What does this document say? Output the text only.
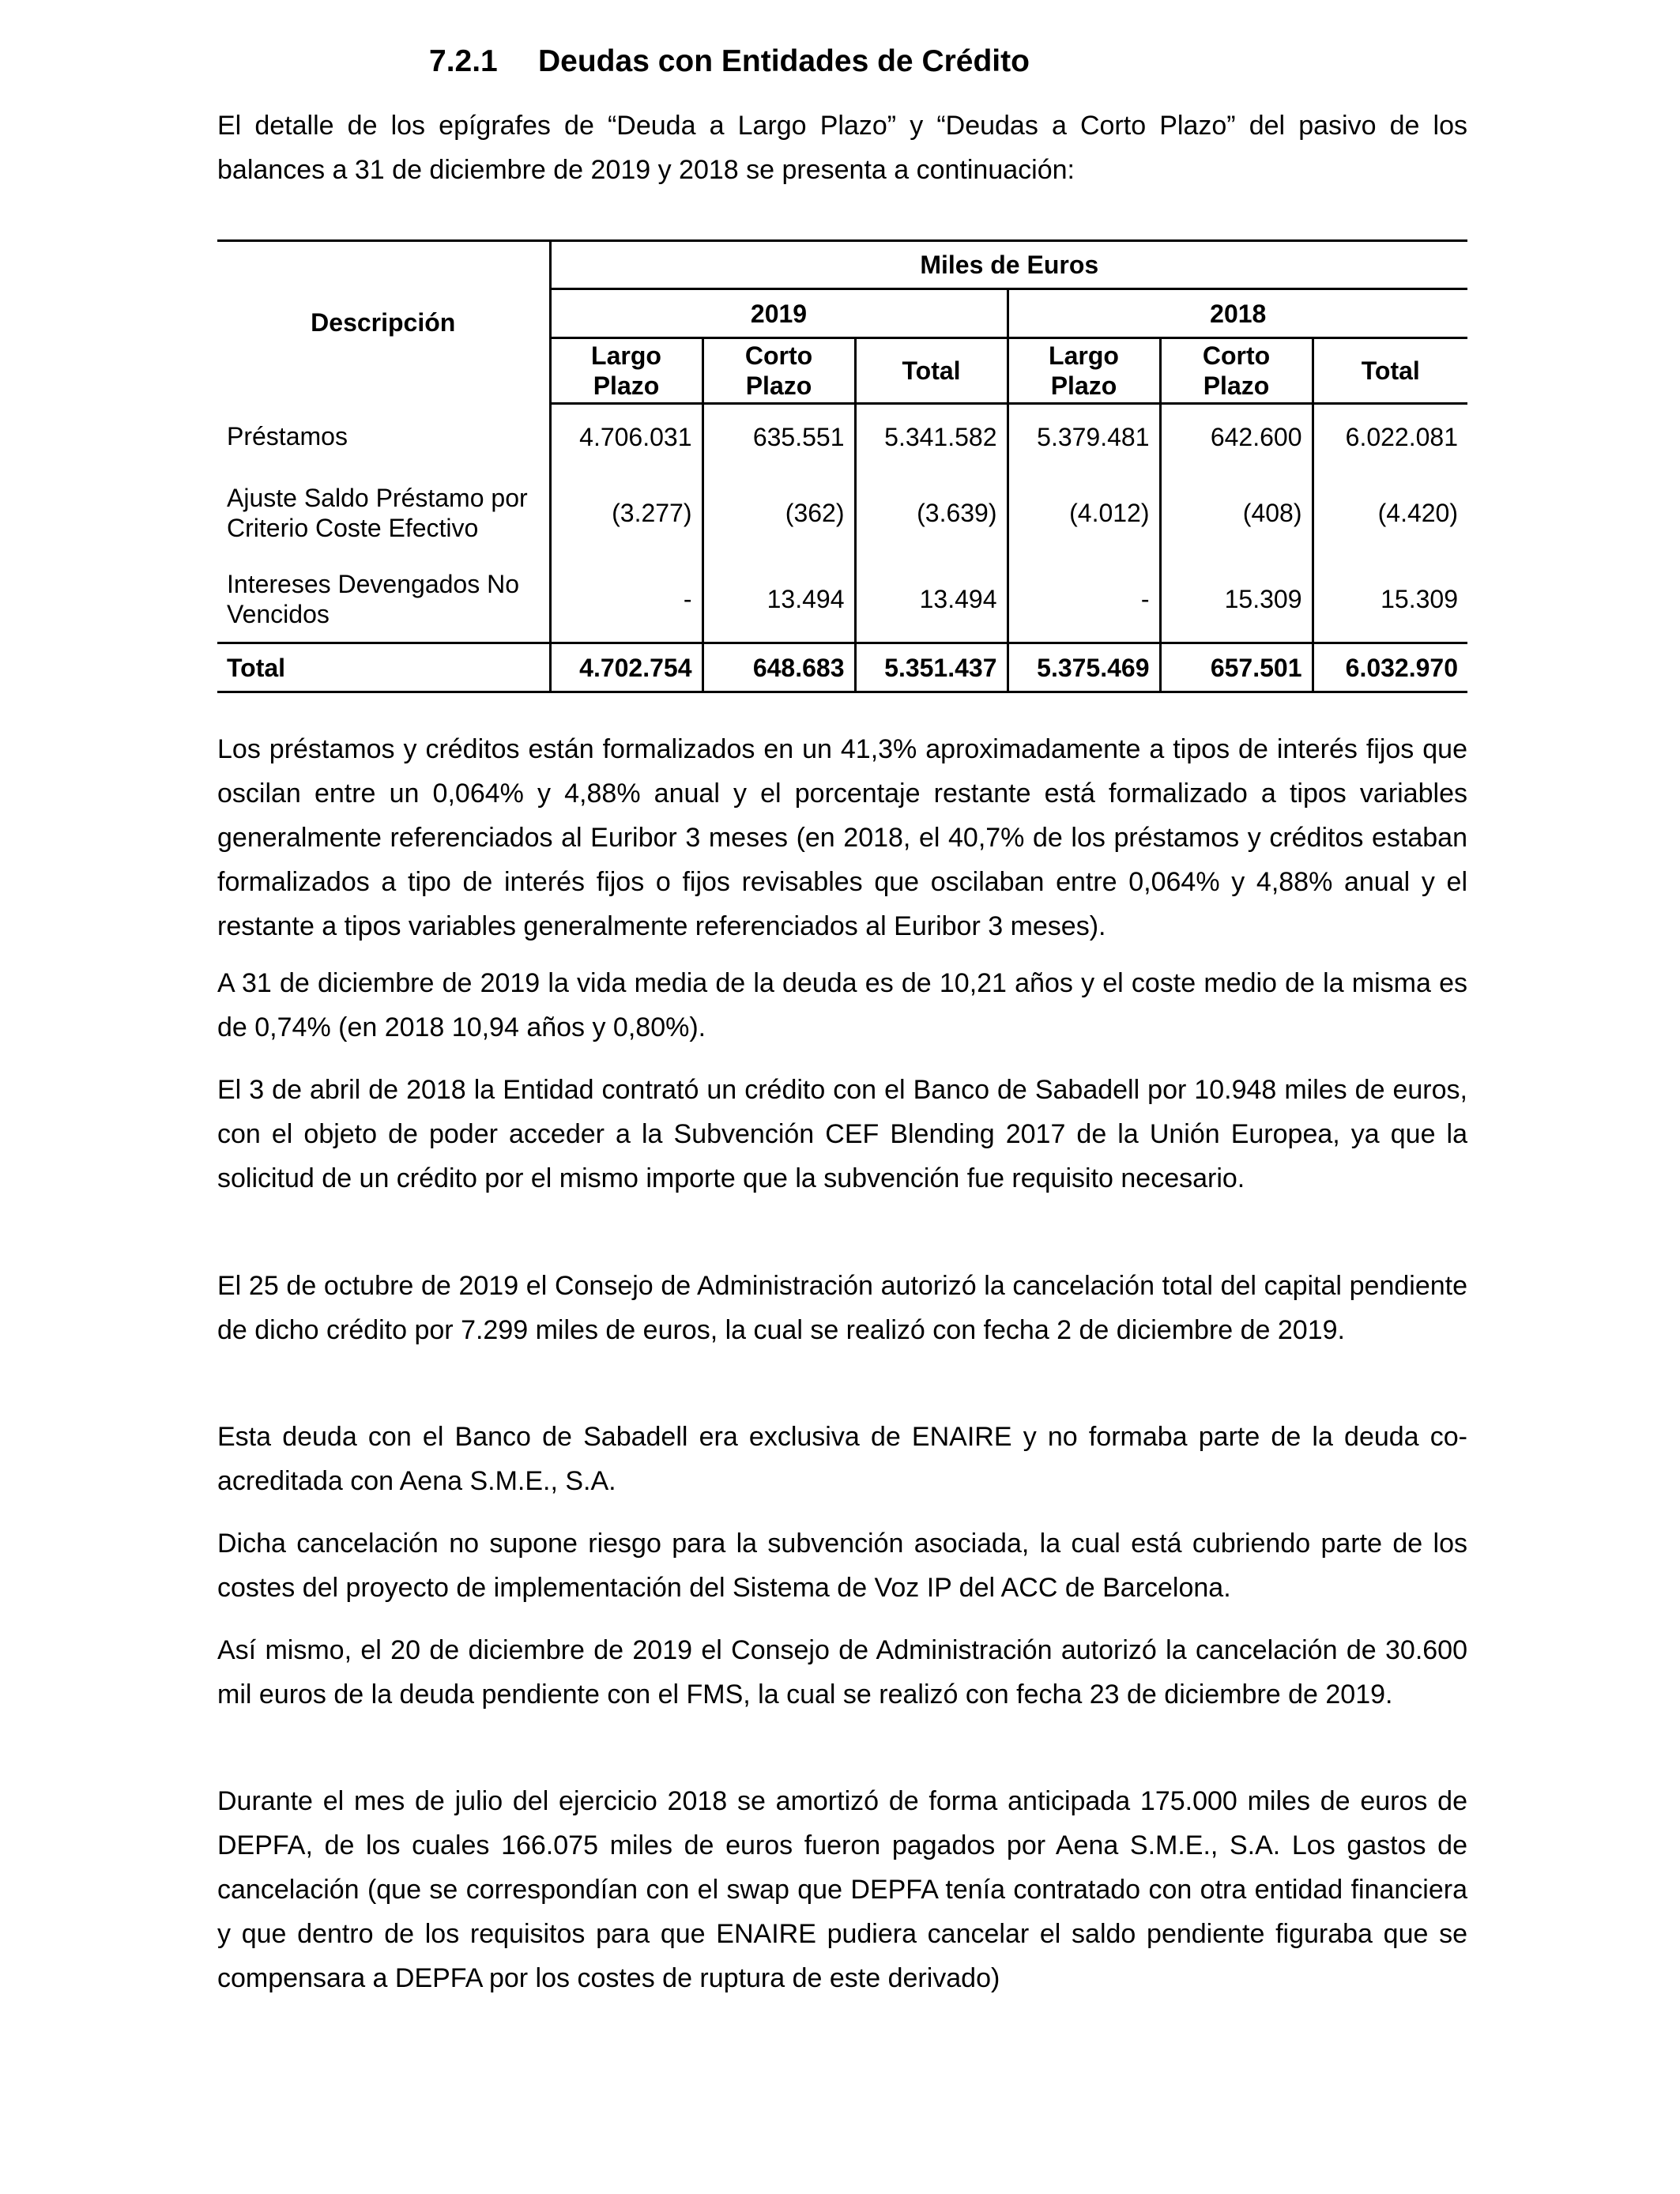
7.2.1 Deudas con Entidades de Crédito
El detalle de los epígrafes de “Deuda a Largo Plazo” y “Deudas a Corto Plazo” del pasivo de los balances a 31 de diciembre de 2019 y 2018 se presenta a continuación:
Descripción	Miles de Euros					
	2019			2018		
	Largo Plazo	Corto Plazo	Total	Largo Plazo	Corto Plazo	Total
Préstamos	4.706.031	635.551	5.341.582	5.379.481	642.600	6.022.081
Ajuste Saldo Préstamo por Criterio Coste Efectivo	(3.277)	(362)	(3.639)	(4.012)	(408)	(4.420)
Intereses Devengados No Vencidos	-	13.494	13.494	-	15.309	15.309
Total	4.702.754	648.683	5.351.437	5.375.469	657.501	6.032.970
Los préstamos y créditos están formalizados en un 41,3% aproximadamente a tipos de interés fijos que oscilan entre un 0,064% y 4,88% anual y el porcentaje restante está formalizado a tipos variables generalmente referenciados al Euribor 3 meses (en 2018, el 40,7% de los préstamos y créditos estaban formalizados a tipo de interés fijos o fijos revisables que oscilaban entre 0,064% y 4,88% anual y el restante a tipos variables generalmente referenciados al Euribor 3 meses).
A 31 de diciembre de 2019 la vida media de la deuda es de 10,21 años y el coste medio de la misma es de 0,74% (en 2018 10,94 años y 0,80%).
El 3 de abril de 2018 la Entidad contrató un crédito con el Banco de Sabadell por 10.948 miles de euros, con el objeto de poder acceder a la Subvención CEF Blending 2017 de la Unión Europea, ya que la solicitud de un crédito por el mismo importe que la subvención fue requisito necesario.
El 25 de octubre de 2019 el Consejo de Administración autorizó la cancelación total del capital pendiente de dicho crédito por 7.299 miles de euros, la cual se realizó con fecha 2 de diciembre de 2019.
Esta deuda con el Banco de Sabadell era exclusiva de ENAIRE y no formaba parte de la deuda co-acreditada con Aena S.M.E., S.A.
Dicha cancelación no supone riesgo para la subvención asociada, la cual está cubriendo parte de los costes del proyecto de implementación del Sistema de Voz IP del ACC de Barcelona.
Así mismo, el 20 de diciembre de 2019 el Consejo de Administración autorizó la cancelación de 30.600 mil euros de la deuda pendiente con el FMS, la cual se realizó con fecha 23 de diciembre de 2019.
Durante el mes de julio del ejercicio 2018 se amortizó de forma anticipada 175.000 miles de euros de DEPFA, de los cuales 166.075 miles de euros fueron pagados por Aena S.M.E., S.A. Los gastos de cancelación (que se correspondían con el swap que DEPFA tenía contratado con otra entidad financiera y que dentro de los requisitos para que ENAIRE pudiera cancelar el saldo pendiente figuraba que se compensara a DEPFA por los costes de ruptura de este derivado)
